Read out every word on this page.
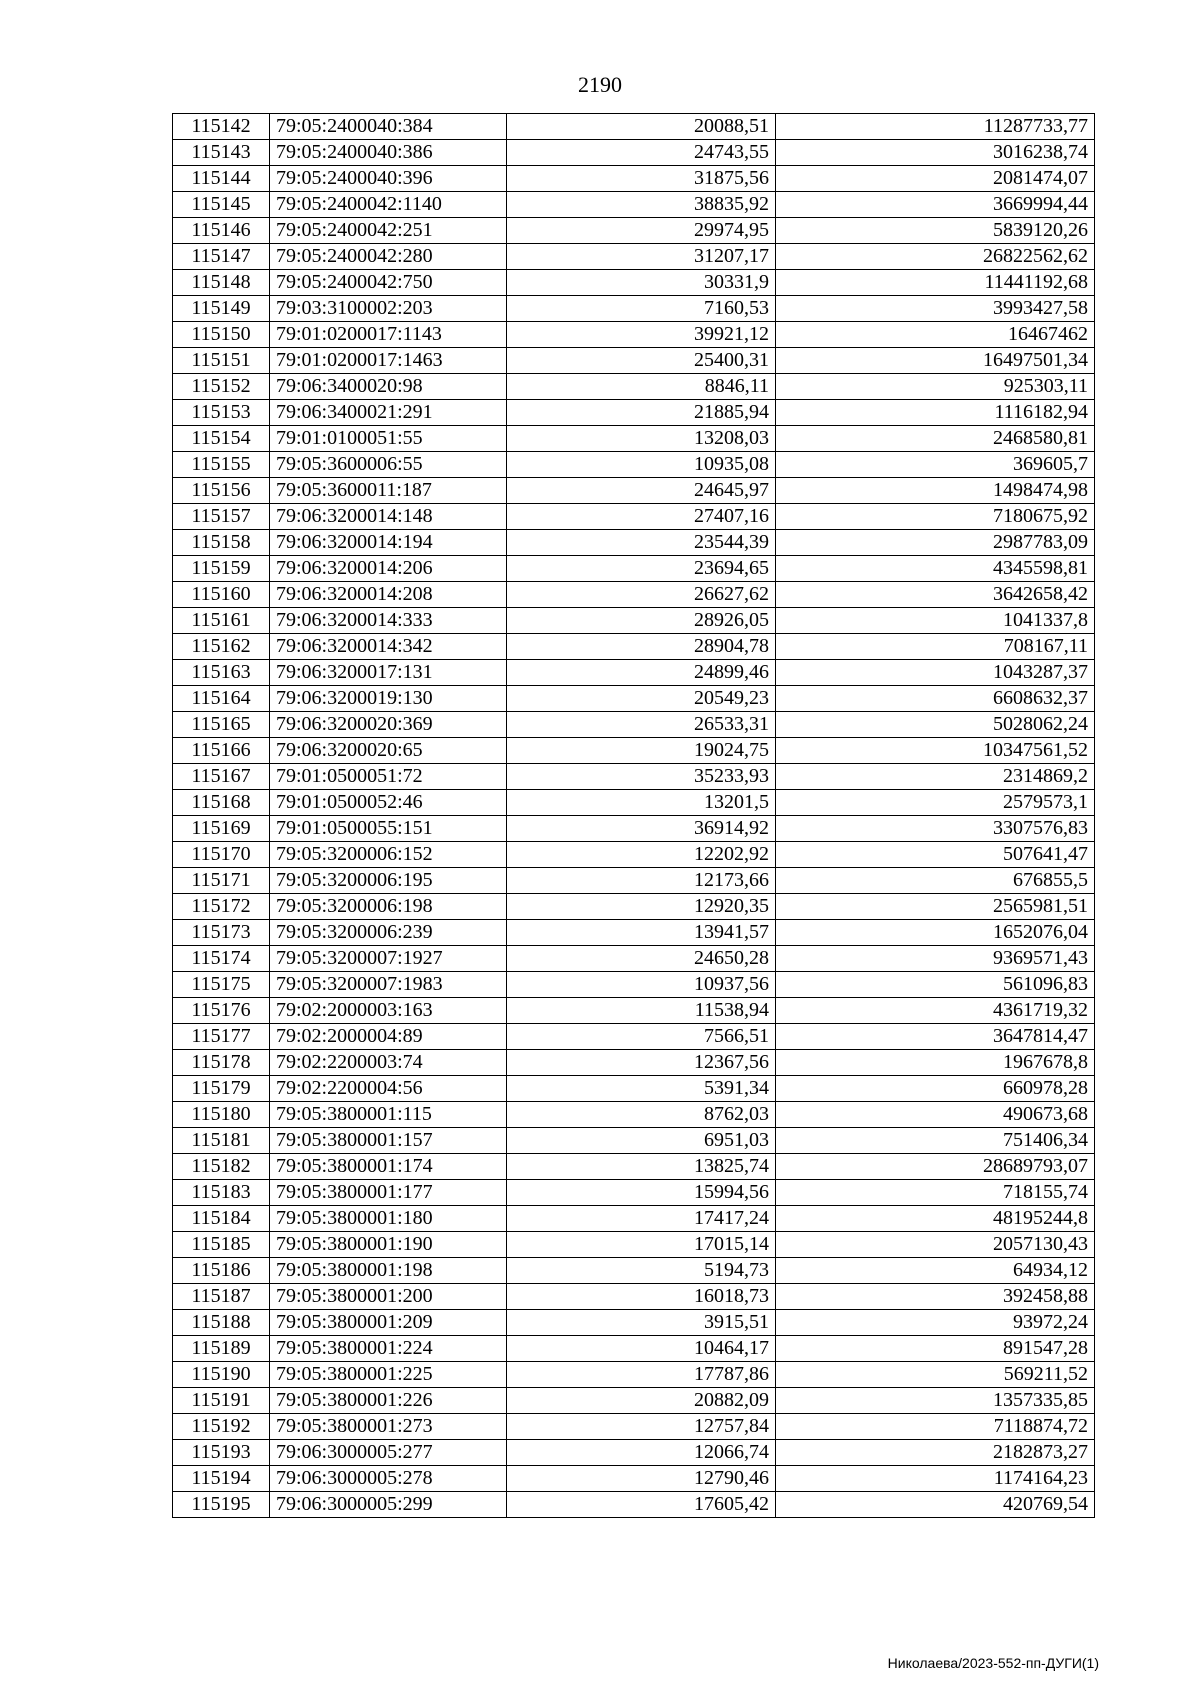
2190
115142	79:05:2400040:384	20088,51	11287733,77
115143	79:05:2400040:386	24743,55	3016238,74
115144	79:05:2400040:396	31875,56	2081474,07
115145	79:05:2400042:1140	38835,92	3669994,44
115146	79:05:2400042:251	29974,95	5839120,26
115147	79:05:2400042:280	31207,17	26822562,62
115148	79:05:2400042:750	30331,9	11441192,68
115149	79:03:3100002:203	7160,53	3993427,58
115150	79:01:0200017:1143	39921,12	16467462
115151	79:01:0200017:1463	25400,31	16497501,34
115152	79:06:3400020:98	8846,11	925303,11
115153	79:06:3400021:291	21885,94	1116182,94
115154	79:01:0100051:55	13208,03	2468580,81
115155	79:05:3600006:55	10935,08	369605,7
115156	79:05:3600011:187	24645,97	1498474,98
115157	79:06:3200014:148	27407,16	7180675,92
115158	79:06:3200014:194	23544,39	2987783,09
115159	79:06:3200014:206	23694,65	4345598,81
115160	79:06:3200014:208	26627,62	3642658,42
115161	79:06:3200014:333	28926,05	1041337,8
115162	79:06:3200014:342	28904,78	708167,11
115163	79:06:3200017:131	24899,46	1043287,37
115164	79:06:3200019:130	20549,23	6608632,37
115165	79:06:3200020:369	26533,31	5028062,24
115166	79:06:3200020:65	19024,75	10347561,52
115167	79:01:0500051:72	35233,93	2314869,2
115168	79:01:0500052:46	13201,5	2579573,1
115169	79:01:0500055:151	36914,92	3307576,83
115170	79:05:3200006:152	12202,92	507641,47
115171	79:05:3200006:195	12173,66	676855,5
115172	79:05:3200006:198	12920,35	2565981,51
115173	79:05:3200006:239	13941,57	1652076,04
115174	79:05:3200007:1927	24650,28	9369571,43
115175	79:05:3200007:1983	10937,56	561096,83
115176	79:02:2000003:163	11538,94	4361719,32
115177	79:02:2000004:89	7566,51	3647814,47
115178	79:02:2200003:74	12367,56	1967678,8
115179	79:02:2200004:56	5391,34	660978,28
115180	79:05:3800001:115	8762,03	490673,68
115181	79:05:3800001:157	6951,03	751406,34
115182	79:05:3800001:174	13825,74	28689793,07
115183	79:05:3800001:177	15994,56	718155,74
115184	79:05:3800001:180	17417,24	48195244,8
115185	79:05:3800001:190	17015,14	2057130,43
115186	79:05:3800001:198	5194,73	64934,12
115187	79:05:3800001:200	16018,73	392458,88
115188	79:05:3800001:209	3915,51	93972,24
115189	79:05:3800001:224	10464,17	891547,28
115190	79:05:3800001:225	17787,86	569211,52
115191	79:05:3800001:226	20882,09	1357335,85
115192	79:05:3800001:273	12757,84	7118874,72
115193	79:06:3000005:277	12066,74	2182873,27
115194	79:06:3000005:278	12790,46	1174164,23
115195	79:06:3000005:299	17605,42	420769,54
Николаева/2023-552-пп-ДУГИ(1)
